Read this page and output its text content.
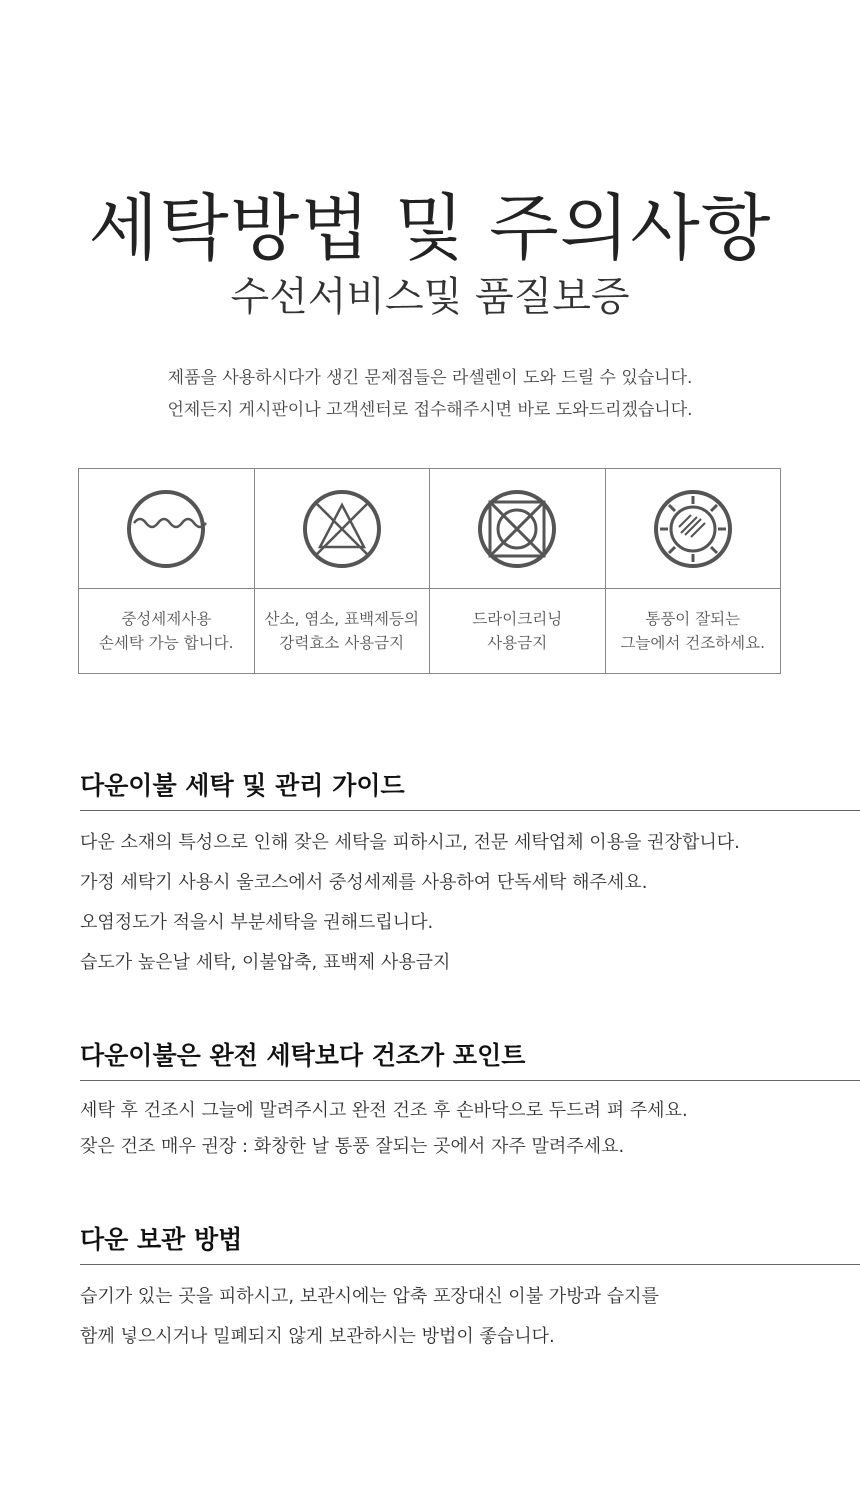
세탁방법 및 주의사항
수선서비스및 품질보증

제품을 사용하시다가 생긴 문제점들은 라셀렌이 도와 드릴 수 있습니다.

언제든지 게시판이나 고객센터로 접수해주시면 바로 도와드리겠습니다.

중성세제사용
손세탁 가능 합니다.
산소, 염소, 표백제등의
강력효소 사용금지
드라이크리닝
사용금지
통풍이 잘되는
그늘에서 건조하세요.
다운이불 세탁 및 관리 가이드

다운 소재의 특성으로 인해 잦은 세탁을 피하시고, 전문 세탁업체 이용을 권장합니다.

가정 세탁기 사용시 울코스에서 중성세제를 사용하여 단독세탁 해주세요.

오염정도가 적을시 부분세탁을 권해드립니다.

습도가 높은날 세탁, 이불압축, 표백제 사용금지

다운이불은 완전 세탁보다 건조가 포인트

세탁 후 건조시 그늘에 말려주시고 완전 건조 후 손바닥으로 두드려 펴 주세요.

잦은 건조 매우 권장 : 화창한 날 통풍 잘되는 곳에서 자주 말려주세요.

다운 보관 방법

습기가 있는 곳을 피하시고, 보관시에는 압축 포장대신 이불 가방과 습지를

함께 넣으시거나 밀폐되지 않게 보관하시는 방법이 좋습니다.
